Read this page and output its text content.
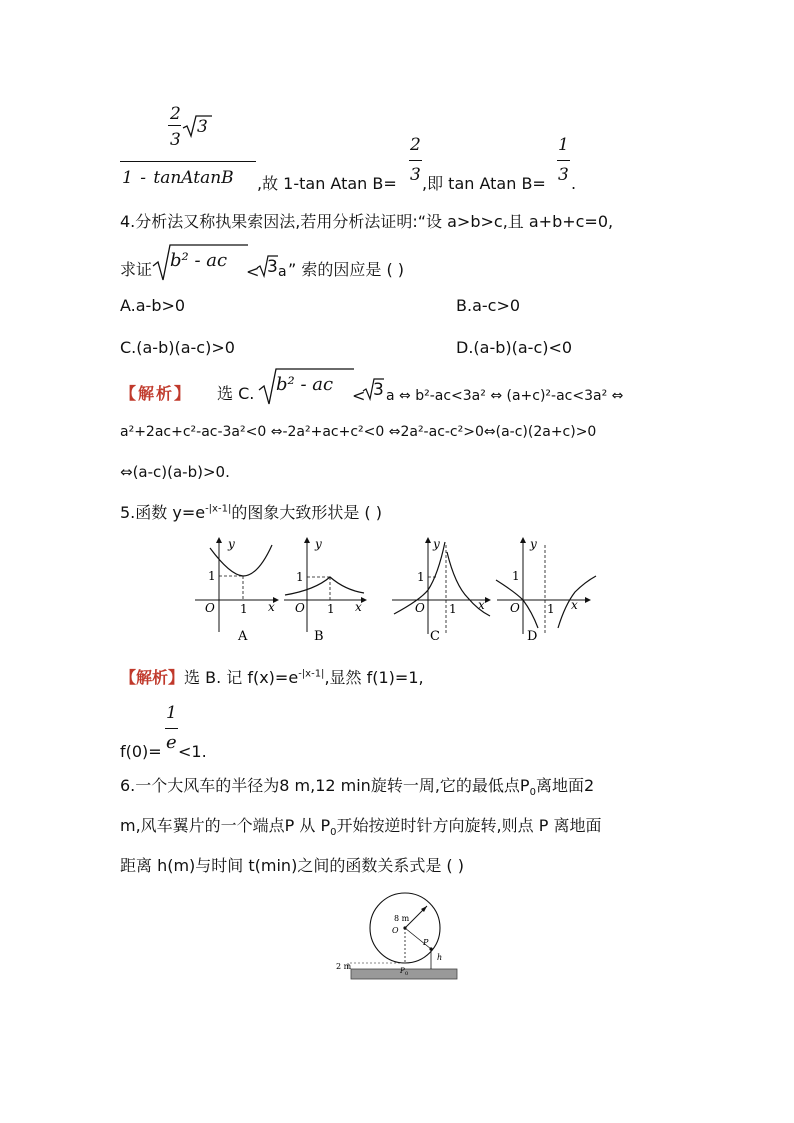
2
3
3
1 - tanAtanB ,故 1-tan Atan B=
2
3 ,即 tan Atan B=
1
3 .
4.分析法又称执果索因法,若用分析法证明:“设 a>b>c,且 a+b+c=0,
求证 b² - ac
< 3 a ” 索的因应是 ( )
A.a-b>0	B.a-c>0
C.(a-b)(a-c)>0	D.(a-b)(a-c)<0
【解析】 选 C. b² - ac
< 3 a ⇔ b²-ac<3a² ⇔ (a+c)²-ac<3a² ⇔
a²+2ac+c²-ac-3a²<0 ⇔-2a²+ac+c²<0 ⇔2a²-ac-c²>0⇔(a-c)(2a+c)>0
⇔(a-c)(a-b)>0.
5.函数 $y=e^{-|x-1|}$的图象大致形状是 ( )
y
x
O
1
1
A
y
x
O
1
1
B
y
x
O
1
1
C
y
x
O
1
1
D
【解析】选 B. 记 $f(x)=e^{-|x-1|}$,显然 f(1)=1,
1
f(0)= e <1.
6.一个大风车的半径为8 m,12 min旋转一周,它的最低点$P_0$离地面2
m,风车翼片的一个端点P 从 $P_0$开始按逆时针方向旋转,则点 P 离地面
距离 h(m)与时间 t(min)之间的函数关系式是 ( )
8 m
O
P
h
2 m	P 0
